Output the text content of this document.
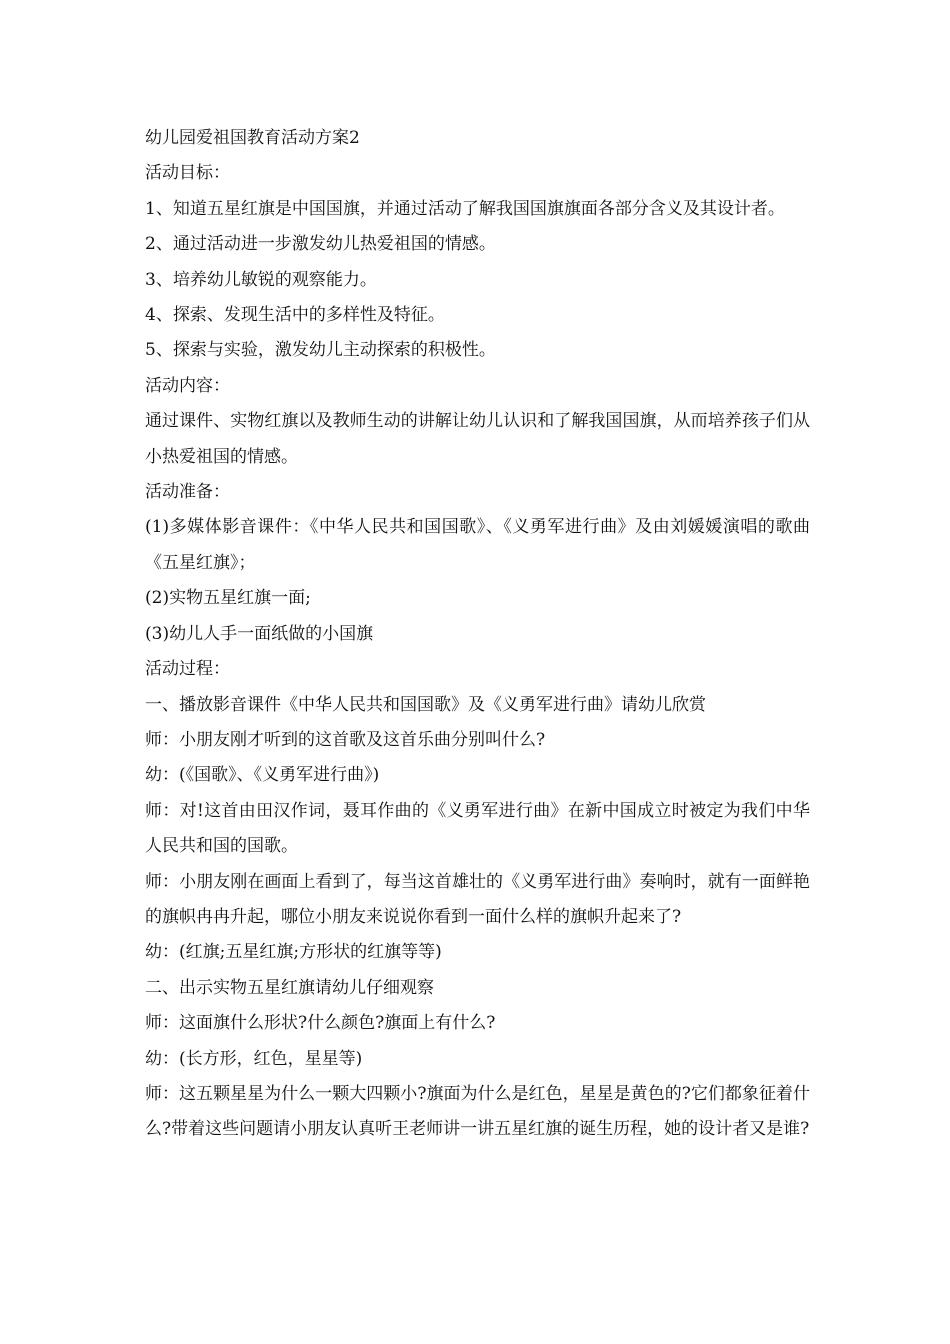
幼儿园爱祖国教育活动方案2

活动目标：

1、知道五星红旗是中国国旗，并通过活动了解我国国旗旗面各部分含义及其设计者。

2、通过活动进一步激发幼儿热爱祖国的情感。

3、培养幼儿敏锐的观察能力。

4、探索、发现生活中的多样性及特征。

5、探索与实验，激发幼儿主动探索的积极性。

活动内容：

通过课件、实物红旗以及教师生动的讲解让幼儿认识和了解我国国旗，从而培养孩子们从小热爱祖国的情感。

活动准备：

(1)多媒体影音课件：《中华人民共和国国歌》、《义勇军进行曲》及由刘媛媛演唱的歌曲《五星红旗》；

(2)实物五星红旗一面;

(3)幼儿人手一面纸做的小国旗

活动过程：

一、播放影音课件《中华人民共和国国歌》及《义勇军进行曲》请幼儿欣赏

师：小朋友刚才听到的这首歌及这首乐曲分别叫什么?

幼：(《国歌》、《义勇军进行曲》)

师：对!这首由田汉作词，聂耳作曲的《义勇军进行曲》在新中国成立时被定为我们中华人民共和国的国歌。

师：小朋友刚在画面上看到了，每当这首雄壮的《义勇军进行曲》奏响时，就有一面鲜艳的旗帜冉冉升起，哪位小朋友来说说你看到一面什么样的旗帜升起来了?

幼：(红旗;五星红旗;方形状的红旗等等)

二、出示实物五星红旗请幼儿仔细观察

师：这面旗什么形状?什么颜色?旗面上有什么?

幼：(长方形，红色，星星等)

师：这五颗星星为什么一颗大四颗小?旗面为什么是红色，星星是黄色的?它们都象征着什么?带着这些问题请小朋友认真听王老师讲一讲五星红旗的诞生历程，她的设计者又是谁?
